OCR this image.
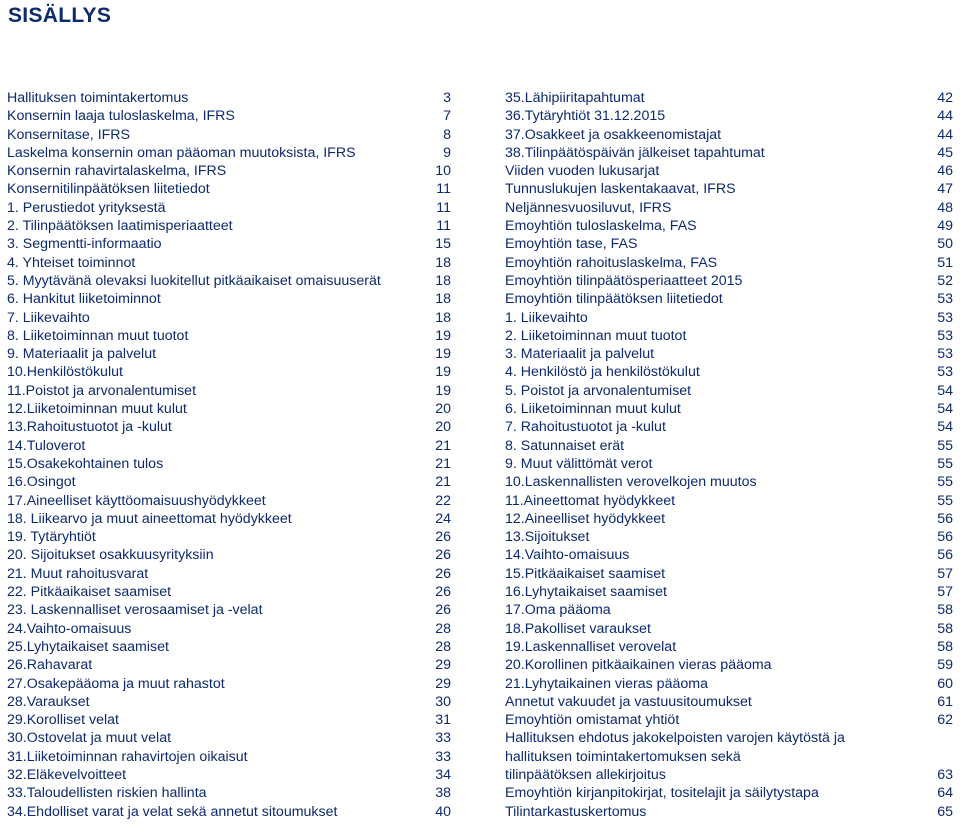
SISÄLLYS
Hallituksen toimintakertomus	3
Konsernin laaja tuloslaskelma, IFRS	7
Konsernitase, IFRS	8
Laskelma konsernin oman pääoman muutoksista, IFRS	9
Konsernin rahavirtalaskelma, IFRS	10
Konsernitilinpäätöksen liitetiedot	11
1. Perustiedot yrityksestä	11
2. Tilinpäätöksen laatimisperiaatteet	11
3. Segmentti-informaatio	15
4. Yhteiset toiminnot	18
5. Myytävänä olevaksi luokitellut pitkäaikaiset omaisuuserät	18
6. Hankitut liiketoiminnot	18
7. Liikevaihto	18
8. Liiketoiminnan muut tuotot	19
9. Materiaalit ja palvelut	19
10.Henkilöstökulut	19
11.Poistot ja arvonalentumiset	19
12.Liiketoiminnan muut kulut	20
13.Rahoitustuotot ja -kulut	20
14.Tuloverot	21
15.Osakekohtainen tulos	21
16.Osingot	21
17.Aineelliset käyttöomaisuushyödykkeet	22
18. Liikearvo ja muut aineettomat hyödykkeet	24
19. Tytäryhtiöt	26
20. Sijoitukset osakkuusyrityksiin	26
21. Muut rahoitusvarat	26
22. Pitkäaikaiset saamiset	26
23. Laskennalliset verosaamiset ja -velat	26
24.Vaihto-omaisuus	28
25.Lyhytaikaiset saamiset	28
26.Rahavarat	29
27.Osakepääoma ja muut rahastot	29
28.Varaukset	30
29.Korolliset velat	31
30.Ostovelat ja muut velat	33
31.Liiketoiminnan rahavirtojen oikaisut	33
32.Eläkevelvoitteet	34
33.Taloudellisten riskien hallinta	38
34.Ehdolliset varat ja velat sekä annetut sitoumukset	40
35.Lähipiiritapahtumat	42
36.Tytäryhtiöt 31.12.2015	44
37.Osakkeet ja osakkeenomistajat	44
38.Tilinpäätöspäivän jälkeiset tapahtumat	45
Viiden vuoden lukusarjat	46
Tunnuslukujen laskentakaavat, IFRS	47
Neljännesvuosiluvut, IFRS	48
Emoyhtiön tuloslaskelma, FAS	49
Emoyhtiön tase, FAS	50
Emoyhtiön rahoituslaskelma, FAS	51
Emoyhtiön tilinpäätösperiaatteet 2015	52
Emoyhtiön tilinpäätöksen liitetiedot	53
1. Liikevaihto	53
2. Liiketoiminnan muut tuotot	53
3. Materiaalit ja palvelut	53
4. Henkilöstö ja henkilöstökulut	53
5. Poistot ja arvonalentumiset	54
6. Liiketoiminnan muut kulut	54
7. Rahoitustuotot ja -kulut	54
8. Satunnaiset erät	55
9. Muut välittömät verot	55
10.Laskennallisten verovelkojen muutos	55
11.Aineettomat hyödykkeet	55
12.Aineelliset hyödykkeet	56
13.Sijoitukset	56
14.Vaihto-omaisuus	56
15.Pitkäaikaiset saamiset	57
16.Lyhytaikaiset saamiset	57
17.Oma pääoma	58
18.Pakolliset varaukset	58
19.Laskennalliset verovelat	58
20.Korollinen pitkäaikainen vieras pääoma	59
21.Lyhytaikainen vieras pääoma	60
Annetut vakuudet ja vastuusitoumukset	61
Emoyhtiön omistamat yhtiöt	62
Hallituksen ehdotus jakokelpoisten varojen käytöstä ja hallituksen toimintakertomuksen sekä
tilinpäätöksen allekirjoitus	63
Emoyhtiön kirjanpitokirjat, tositelajit ja säilytystapa	64
Tilintarkastuskertomus	65
